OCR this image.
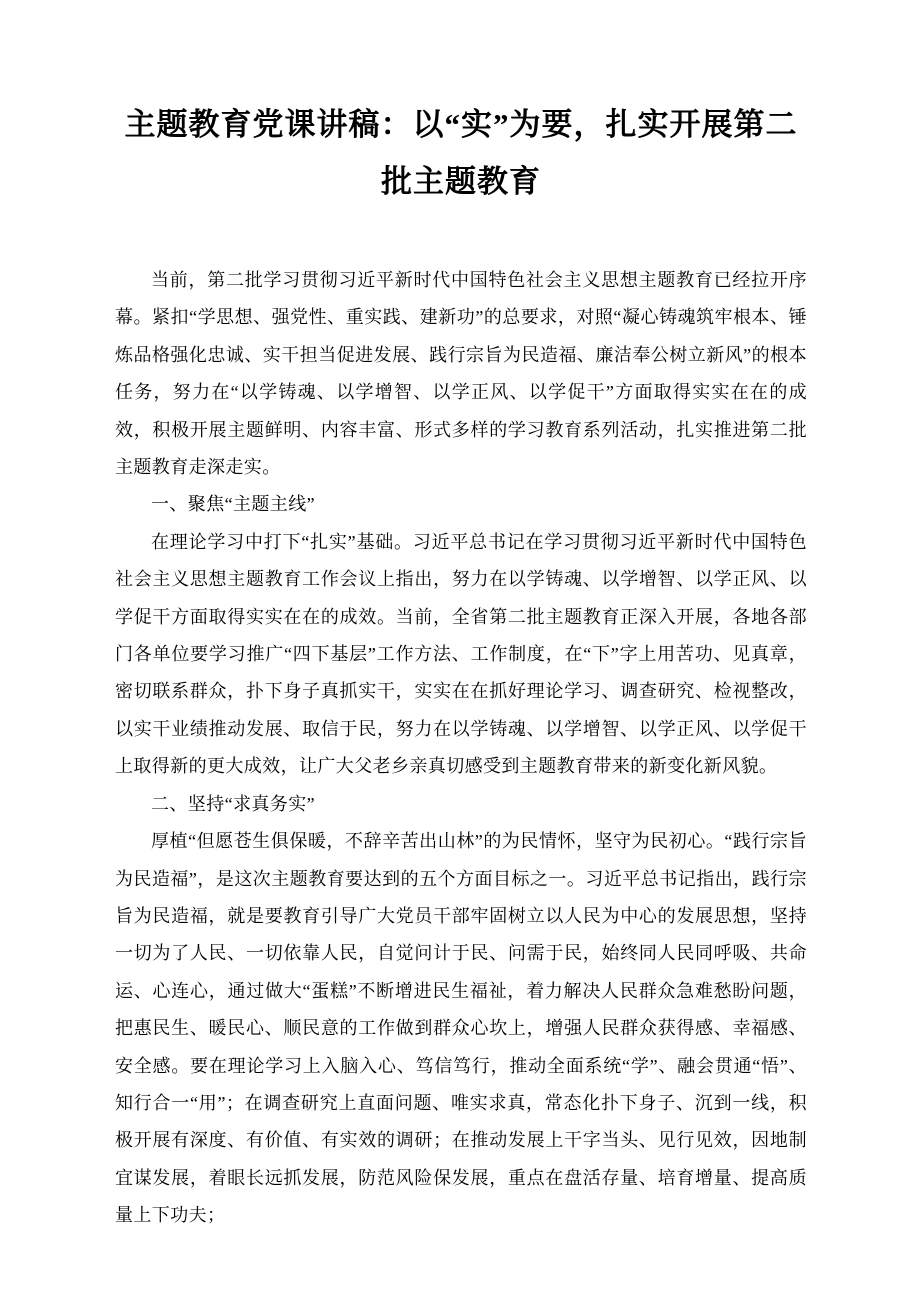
主题教育党课讲稿：以“实”为要，扎实开展第二批主题教育

当前，第二批学习贯彻习近平新时代中国特色社会主义思想主题教育已经拉开序幕。紧扣“学思想、强党性、重实践、建新功”的总要求，对照“凝心铸魂筑牢根本、锤炼品格强化忠诚、实干担当促进发展、践行宗旨为民造福、廉洁奉公树立新风”的根本任务，努力在“以学铸魂、以学增智、以学正风、以学促干”方面取得实实在在的成效，积极开展主题鲜明、内容丰富、形式多样的学习教育系列活动，扎实推进第二批主题教育走深走实。

一、聚焦“主题主线”

在理论学习中打下“扎实”基础。习近平总书记在学习贯彻习近平新时代中国特色社会主义思想主题教育工作会议上指出，努力在以学铸魂、以学增智、以学正风、以学促干方面取得实实在在的成效。当前，全省第二批主题教育正深入开展，各地各部门各单位要学习推广“四下基层”工作方法、工作制度，在“下”字上用苦功、见真章，密切联系群众，扑下身子真抓实干，实实在在抓好理论学习、调查研究、检视整改，以实干业绩推动发展、取信于民，努力在以学铸魂、以学增智、以学正风、以学促干上取得新的更大成效，让广大父老乡亲真切感受到主题教育带来的新变化新风貌。

二、坚持“求真务实”

厚植“但愿苍生俱保暖，不辞辛苦出山林”的为民情怀，坚守为民初心。“践行宗旨为民造福”，是这次主题教育要达到的五个方面目标之一。习近平总书记指出，践行宗旨为民造福，就是要教育引导广大党员干部牢固树立以人民为中心的发展思想，坚持一切为了人民、一切依靠人民，自觉问计于民、问需于民，始终同人民同呼吸、共命运、心连心，通过做大“蛋糕”不断增进民生福祉，着力解决人民群众急难愁盼问题，把惠民生、暖民心、顺民意的工作做到群众心坎上，增强人民群众获得感、幸福感、安全感。要在理论学习上入脑入心、笃信笃行，推动全面系统“学”、融会贯通“悟”、知行合一“用”；在调查研究上直面问题、唯实求真，常态化扑下身子、沉到一线，积极开展有深度、有价值、有实效的调研；在推动发展上干字当头、见行见效，因地制宜谋发展，着眼长远抓发展，防范风险保发展，重点在盘活存量、培育增量、提高质量上下功夫；
